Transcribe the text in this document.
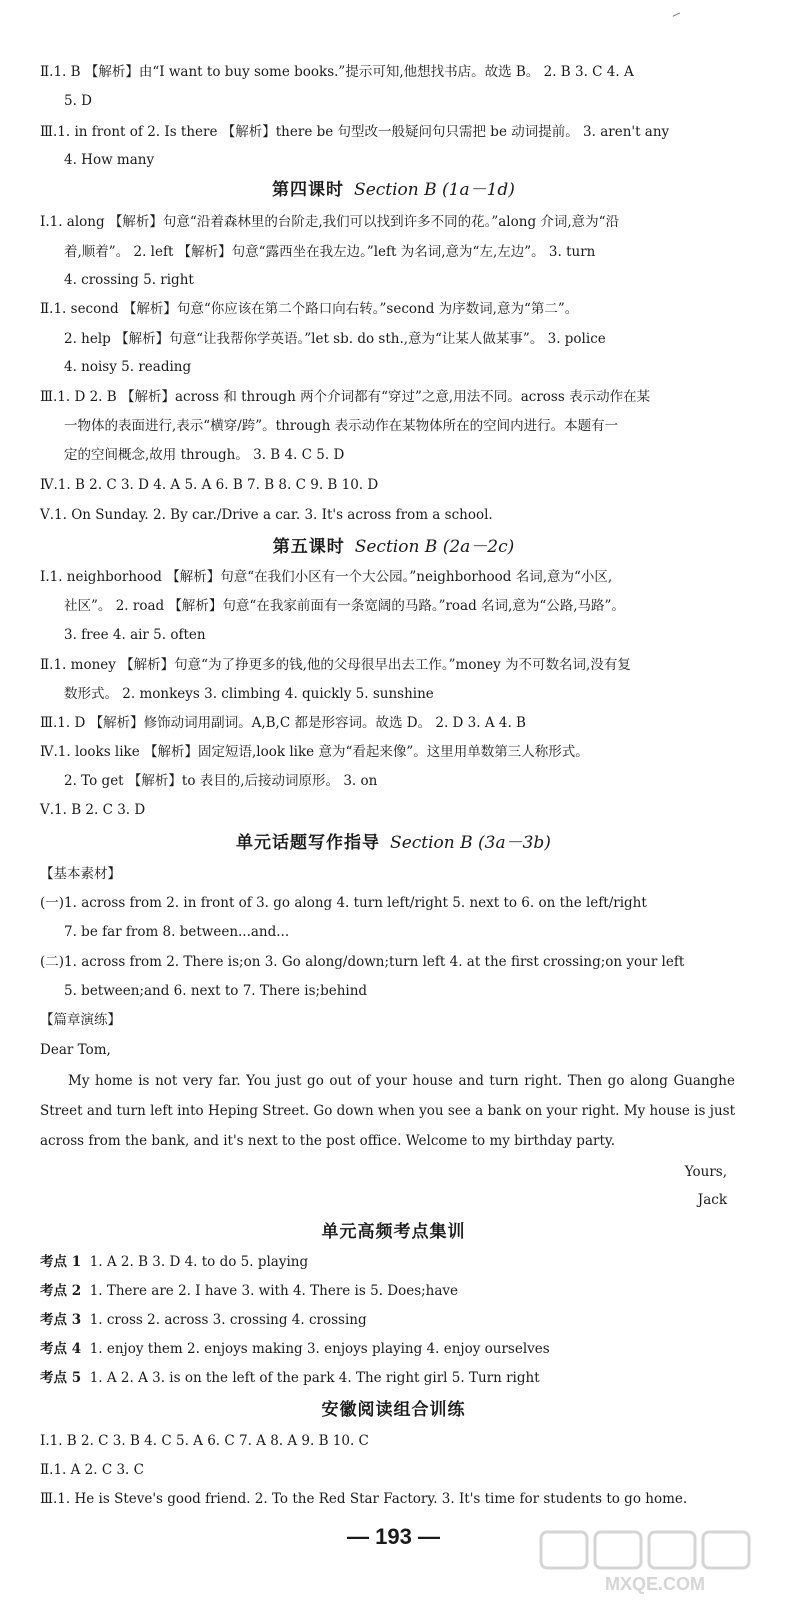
Ⅱ.1. B 【解析】由“I want to buy some books.”提示可知,他想找书店。故选 B。 2. B 3. C 4. A
5. D
Ⅲ.1. in front of 2. Is there 【解析】there be 句型改一般疑问句只需把 be 动词提前。 3. aren't any
4. How many
第四课时 Section B (1a－1d)
Ⅰ.1. along 【解析】句意“沿着森林里的台阶走,我们可以找到许多不同的花。”along 介词,意为“沿
着,顺着”。 2. left 【解析】句意“露西坐在我左边。”left 为名词,意为“左,左边”。 3. turn
4. crossing 5. right
Ⅱ.1. second 【解析】句意“你应该在第二个路口向右转。”second 为序数词,意为“第二”。
2. help 【解析】句意“让我帮你学英语。”let sb. do sth.,意为“让某人做某事”。 3. police
4. noisy 5. reading
Ⅲ.1. D 2. B 【解析】across 和 through 两个介词都有“穿过”之意,用法不同。across 表示动作在某
一物体的表面进行,表示“横穿/跨”。through 表示动作在某物体所在的空间内进行。本题有一
定的空间概念,故用 through。 3. B 4. C 5. D
Ⅳ.1. B 2. C 3. D 4. A 5. A 6. B 7. B 8. C 9. B 10. D
Ⅴ.1. On Sunday. 2. By car./Drive a car. 3. It's across from a school.
第五课时 Section B (2a－2c)
Ⅰ.1. neighborhood 【解析】句意“在我们小区有一个大公园。”neighborhood 名词,意为“小区,
社区”。 2. road 【解析】句意“在我家前面有一条宽阔的马路。”road 名词,意为“公路,马路”。
3. free 4. air 5. often
Ⅱ.1. money 【解析】句意“为了挣更多的钱,他的父母很早出去工作。”money 为不可数名词,没有复
数形式。 2. monkeys 3. climbing 4. quickly 5. sunshine
Ⅲ.1. D 【解析】修饰动词用副词。A,B,C 都是形容词。故选 D。 2. D 3. A 4. B
Ⅳ.1. looks like 【解析】固定短语,look like 意为“看起来像”。这里用单数第三人称形式。
2. To get 【解析】to 表目的,后接动词原形。 3. on
Ⅴ.1. B 2. C 3. D
单元话题写作指导 Section B (3a－3b)
【基本素材】
(一)1. across from 2. in front of 3. go along 4. turn left/right 5. next to 6. on the left/right
7. be far from 8. between...and...
(二)1. across from 2. There is;on 3. Go along/down;turn left 4. at the first crossing;on your left
5. between;and 6. next to 7. There is;behind
【篇章演练】
Dear Tom,
My home is not very far. You just go out of your house and turn right. Then go along Guanghe Street and turn left into Heping Street. Go down when you see a bank on your right. My house is just across from the bank, and it's next to the post office. Welcome to my birthday party.
Yours,
Jack
单元高频考点集训
考点 1 1. A 2. B 3. D 4. to do 5. playing
考点 2 1. There are 2. I have 3. with 4. There is 5. Does;have
考点 3 1. cross 2. across 3. crossing 4. crossing
考点 4 1. enjoy them 2. enjoys making 3. enjoys playing 4. enjoy ourselves
考点 5 1. A 2. A 3. is on the left of the park 4. The right girl 5. Turn right
安徽阅读组合训练
Ⅰ.1. B 2. C 3. B 4. C 5. A 6. C 7. A 8. A 9. B 10. C
Ⅱ.1. A 2. C 3. C
Ⅲ.1. He is Steve's good friend. 2. To the Red Star Factory. 3. It's time for students to go home.
— 193 —
MXQE.COM
